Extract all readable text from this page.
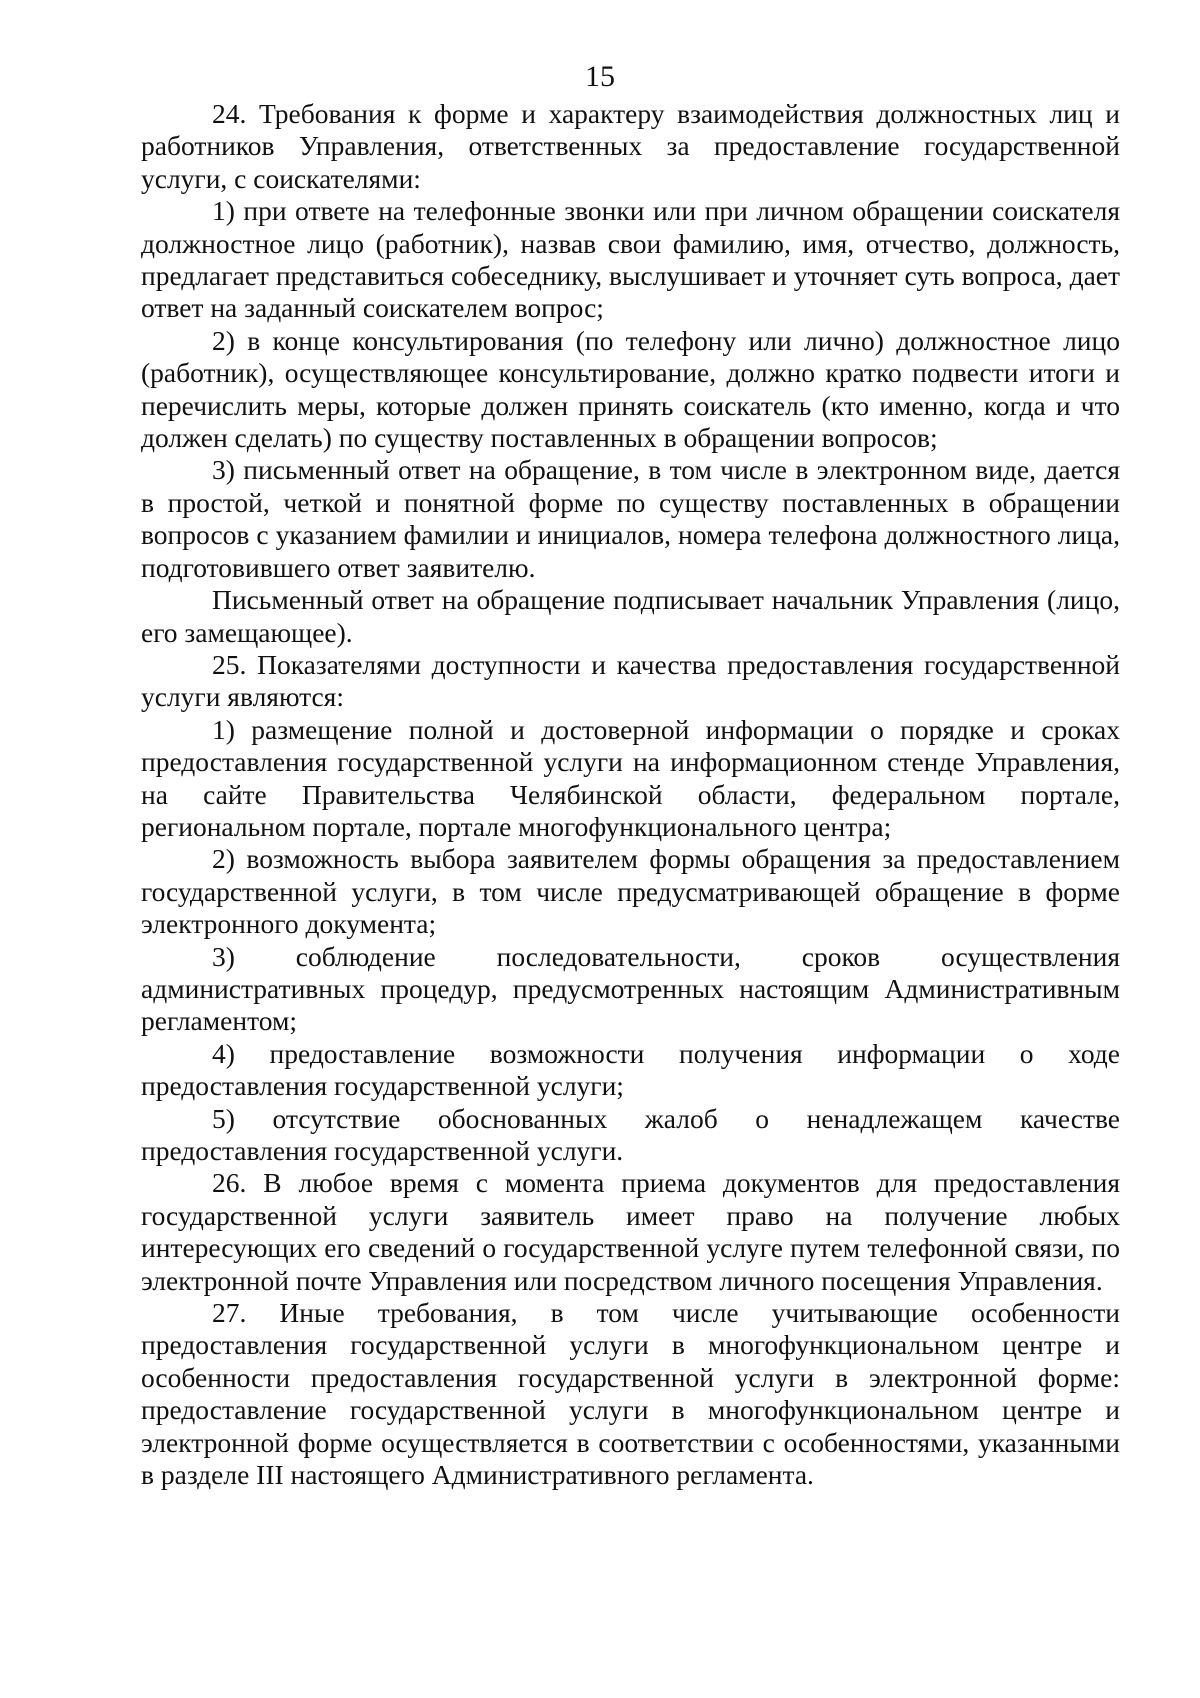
15

24. Требования к форме и характеру взаимодействия должностных лиц и работников Управления, ответственных за предоставление государственной услуги, с соискателями:

1) при ответе на телефонные звонки или при личном обращении соискателя должностное лицо (работник), назвав свои фамилию, имя, отчество, должность, предлагает представиться собеседнику, выслушивает и уточняет суть вопроса, дает ответ на заданный соискателем вопрос;

2) в конце консультирования (по телефону или лично) должностное лицо (работник), осуществляющее консультирование, должно кратко подвести итоги и перечислить меры, которые должен принять соискатель (кто именно, когда и что должен сделать) по существу поставленных в обращении вопросов;

3) письменный ответ на обращение, в том числе в электронном виде, дается в простой, четкой и понятной форме по существу поставленных в обращении вопросов с указанием фамилии и инициалов, номера телефона должностного лица, подготовившего ответ заявителю.

Письменный ответ на обращение подписывает начальник Управления (лицо, его замещающее).

25. Показателями доступности и качества предоставления государственной услуги являются:

1) размещение полной и достоверной информации о порядке и сроках предоставления государственной услуги на информационном стенде Управления, на сайте Правительства Челябинской области, федеральном портале, региональном портале, портале многофункционального центра;

2) возможность выбора заявителем формы обращения за предоставлением государственной услуги, в том числе предусматривающей обращение в форме электронного документа;

3) соблюдение последовательности, сроков осуществления административных процедур, предусмотренных настоящим Административным регламентом;

4) предоставление возможности получения информации о ходе предоставления государственной услуги;

5) отсутствие обоснованных жалоб о ненадлежащем качестве предоставления государственной услуги.

26. В любое время с момента приема документов для предоставления государственной услуги заявитель имеет право на получение любых интересующих его сведений о государственной услуге путем телефонной связи, по электронной почте Управления или посредством личного посещения Управления.

27. Иные требования, в том числе учитывающие особенности предоставления государственной услуги в многофункциональном центре и особенности предоставления государственной услуги в электронной форме: предоставление государственной услуги в многофункциональном центре и электронной форме осуществляется в соответствии с особенностями, указанными в разделе III настоящего Административного регламента.
